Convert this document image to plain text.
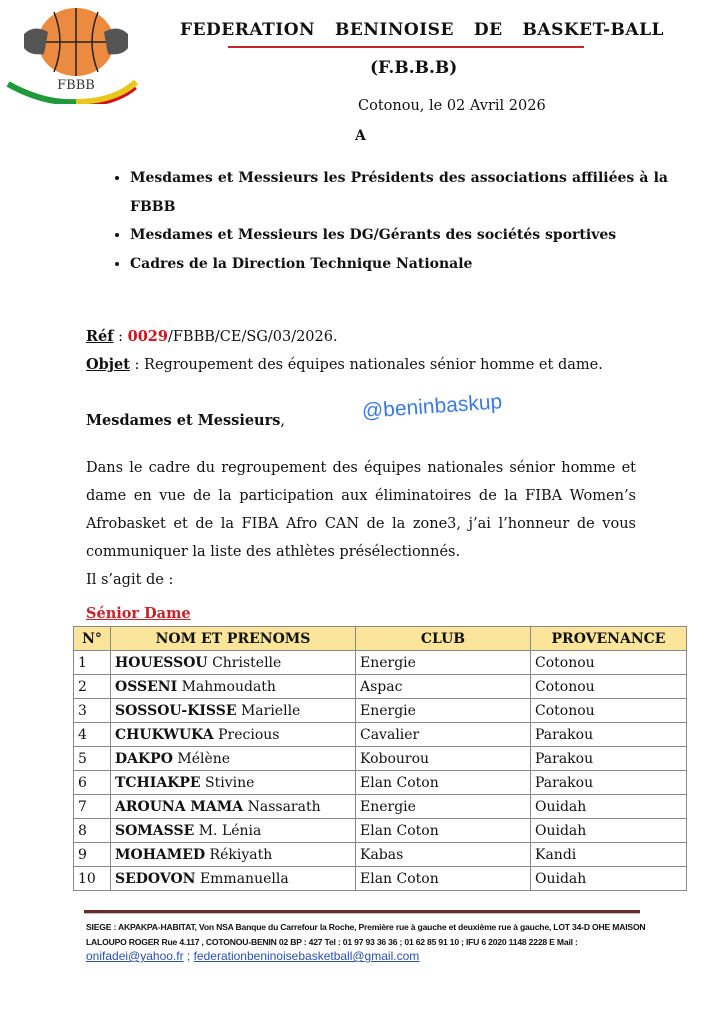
FBBB
FEDERATION BENINOISE DE BASKET-BALL
(F.B.B.B)
Cotonou, le 02 Avril 2026
A
• Mesdames et Messieurs les Présidents des associations affiliées à la FBBB
• Mesdames et Messieurs les DG/Gérants des sociétés sportives
• Cadres de la Direction Technique Nationale
Réf : 0029/FBBB/CE/SG/03/2026.
Objet : Regroupement des équipes nationales sénior homme et dame.
Mesdames et Messieurs,	@beninbaskup

Dans le cadre du regroupement des équipes nationales sénior homme et dame en vue de la participation aux éliminatoires de la FIBA Women’s Afrobasket et de la FIBA Afro CAN de la zone3, j’ai l’honneur de vous communiquer la liste des athlètes présélectionnés.

Il s’agit de :

Sénior Dame
N°	NOM ET PRENOMS	CLUB	PROVENANCE
1	HOUESSOU Christelle	Energie	Cotonou
2	OSSENI Mahmoudath	Aspac	Cotonou
3	SOSSOU-KISSE Marielle	Energie	Cotonou
4	CHUKWUKA Precious	Cavalier	Parakou
5	DAKPO Mélène	Kobourou	Parakou
6	TCHIAKPE Stivine	Elan Coton	Parakou
7	AROUNA MAMA Nassarath	Energie	Ouidah
8	SOMASSE M. Lénia	Elan Coton	Ouidah
9	MOHAMED Rékiyath	Kabas	Kandi
10	SEDOVON Emmanuella	Elan Coton	Ouidah
SIEGE : AKPAKPA-HABITAT, Von NSA Banque du Carrefour la Roche, Première rue à gauche et deuxième rue à gauche, LOT 34-D OHE MAISON
LALOUPO ROGER Rue 4.117 , COTONOU-BENIN 02 BP : 427 Tel : 01 97 93 36 36 ; 01 62 85 91 10 ; IFU 6 2020 1148 2228 E Mail :
onifadei@yahoo.fr ; federationbeninoisebasketball@gmail.com
